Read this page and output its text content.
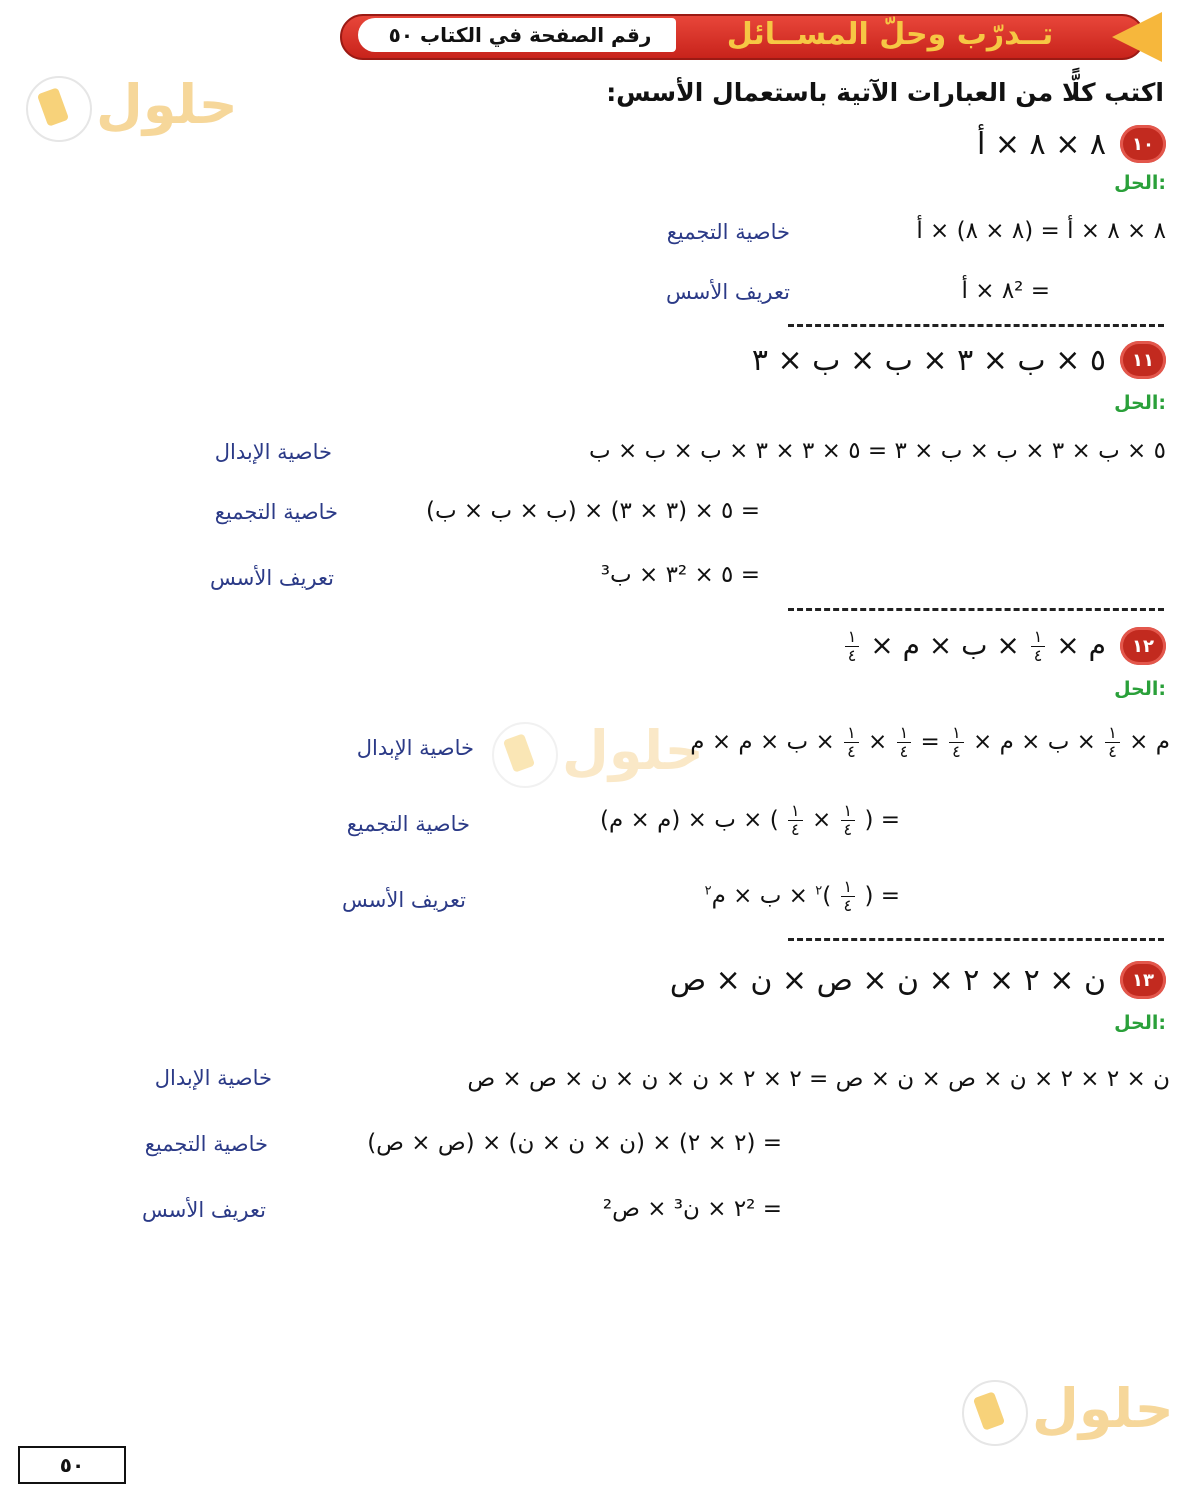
رقم الصفحة في الكتاب ٥٠	تــدرّب وحلّ المســائل
حلول
حلول
حلول
اكتب كلًّا من العبارات الآتية باستعمال الأسس:
١٠
٨ × ٨ × أ
الحل:
٨ × ٨ × أ = (٨ × ٨) × أ
خاصية التجميع
= ٨² × أ
تعريف الأسس
١١
٥ × ب × ٣ × ب × ب × ٣
الحل:
٥ × ب × ٣ × ب × ب × ٣ = ٥ × ٣ × ٣ × ب × ب × ب
خاصية الإبدال
= ٥ × (٣ × ٣) × (ب × ب × ب)
خاصية التجميع
= ٥ × ٣² × ب³
تعريف الأسس
١٢
م ×
$\frac{١}{٤}$
× ب × م ×
$\frac{١}{٤}$
الحل:
م ×
$\frac{١}{٤}$
× ب × م ×
$\frac{١}{٤}$
=
$\frac{١}{٤}$
×
$\frac{١}{٤}$
× ب × م × م
خاصية الإبدال
= (
$\frac{١}{٤}$
×
$\frac{١}{٤}$
) × ب × (م × م)
خاصية التجميع
= (
$\frac{١}{٤}$
)$^٢$ × ب × م$^٢$
تعريف الأسس
١٣
ن × ٢ × ٢ × ن × ص × ن × ص
الحل:
ن × ٢ × ٢ × ن × ص × ن × ص = ٢ × ٢ × ن × ن × ن × ص × ص
خاصية الإبدال
= (٢ × ٢) × (ن × ن × ن) × (ص × ص)
خاصية التجميع
= ٢² × ن³ × ص²
تعريف الأسس
٥٠
